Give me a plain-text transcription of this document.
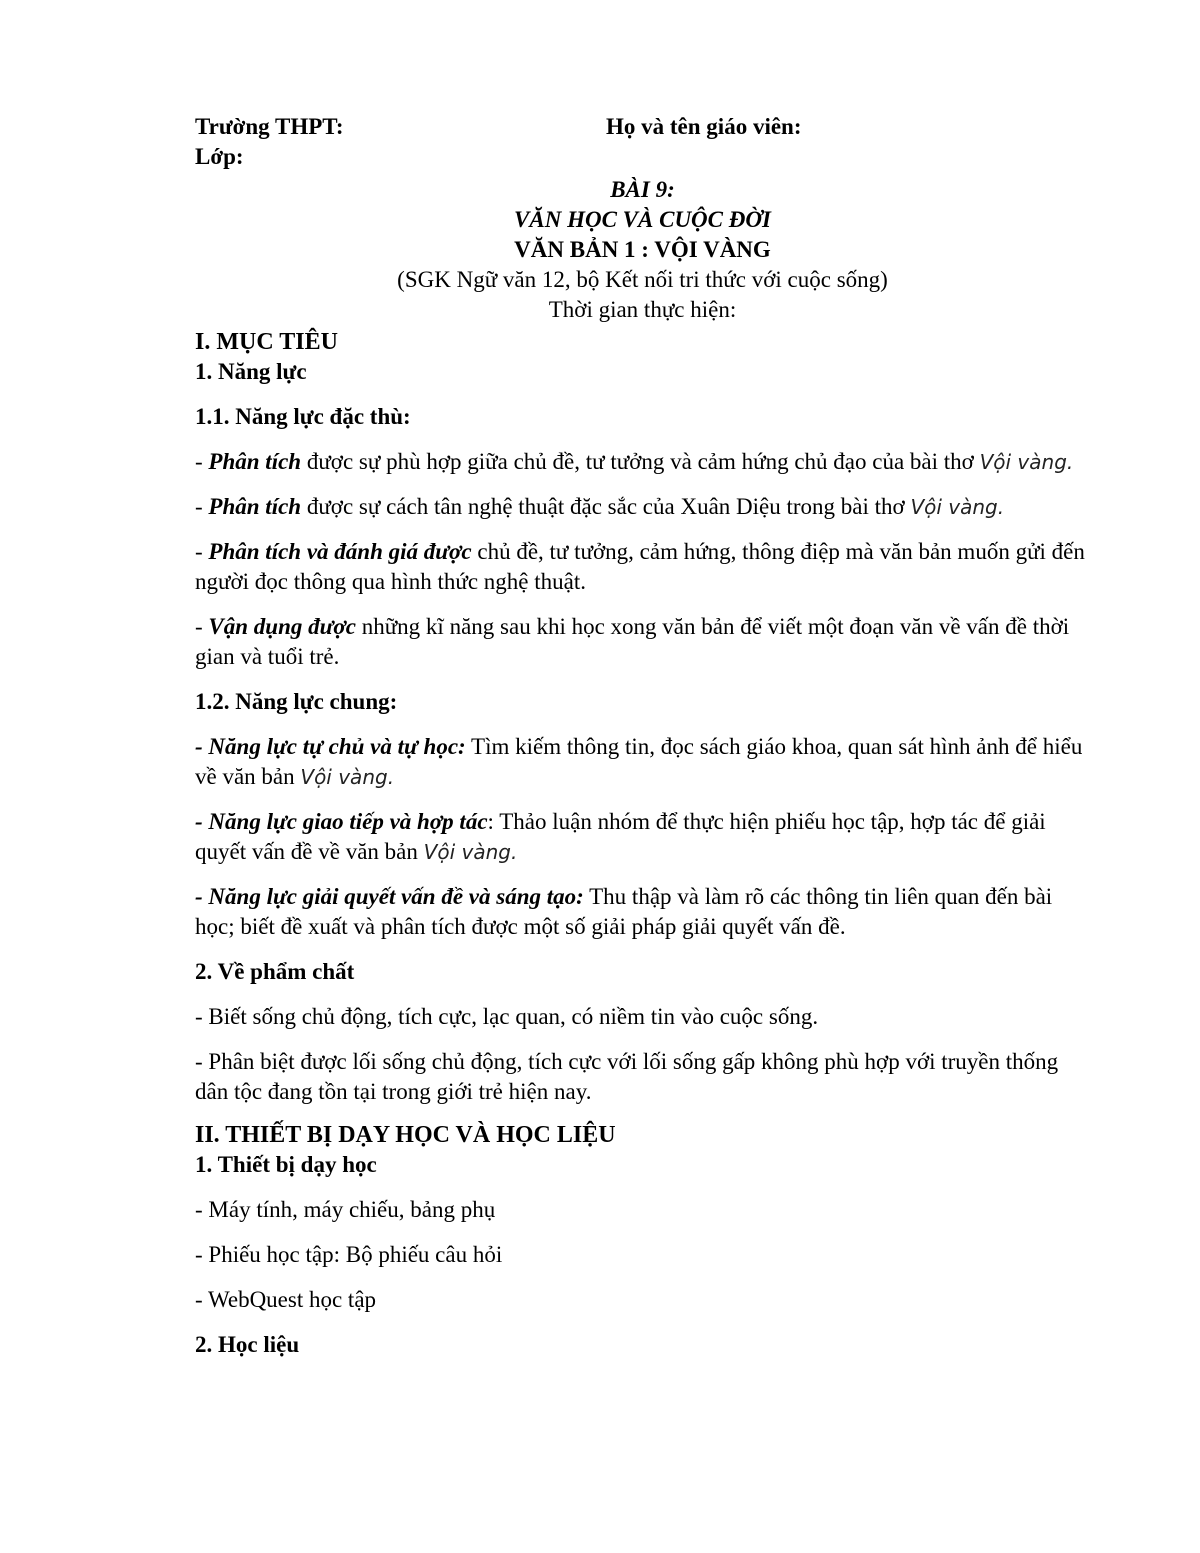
Trường THPT:	Họ và tên giáo viên:
Lớp:
BÀI 9:
VĂN HỌC VÀ CUỘC ĐỜI
VĂN BẢN 1 : VỘI VÀNG
(SGK Ngữ văn 12, bộ Kết nối tri thức với cuộc sống)
Thời gian thực hiện:
I. MỤC TIÊU
1. Năng lực
1.1. Năng lực đặc thù:

- Phân tích được sự phù hợp giữa chủ đề, tư tưởng và cảm hứng chủ đạo của bài thơ Vội vàng.

- Phân tích được sự cách tân nghệ thuật đặc sắc của Xuân Diệu trong bài thơ Vội vàng.

- Phân tích và đánh giá được chủ đề, tư tưởng, cảm hứng, thông điệp mà văn bản muốn gửi đến người đọc thông qua hình thức nghệ thuật.

- Vận dụng được những kĩ năng sau khi học xong văn bản để viết một đoạn văn về vấn đề thời gian và tuổi trẻ.

1.2. Năng lực chung:

- Năng lực tự chủ và tự học: Tìm kiếm thông tin, đọc sách giáo khoa, quan sát hình ảnh để hiểu về văn bản Vội vàng.

- Năng lực giao tiếp và hợp tác: Thảo luận nhóm để thực hiện phiếu học tập, hợp tác để giải quyết vấn đề về văn bản Vội vàng.

- Năng lực giải quyết vấn đề và sáng tạo: Thu thập và làm rõ các thông tin liên quan đến bài học; biết đề xuất và phân tích được một số giải pháp giải quyết vấn đề.

2. Về phẩm chất

- Biết sống chủ động, tích cực, lạc quan, có niềm tin vào cuộc sống.

- Phân biệt được lối sống chủ động, tích cực với lối sống gấp không phù hợp với truyền thống dân tộc đang tồn tại trong giới trẻ hiện nay.

II. THIẾT BỊ DẠY HỌC VÀ HỌC LIỆU
1. Thiết bị dạy học

- Máy tính, máy chiếu, bảng phụ

- Phiếu học tập: Bộ phiếu câu hỏi

- WebQuest học tập

2. Học liệu
